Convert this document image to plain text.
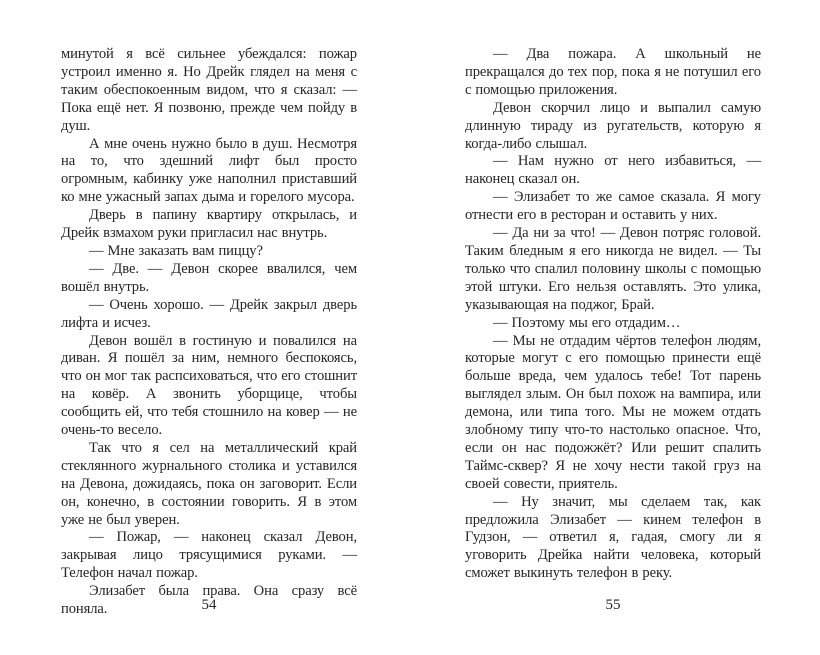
минутой я всё сильнее убеждался: пожар устроил именно я. Но Дрейк глядел на меня с таким обеспокоенным видом, что я сказал: — Пока ещё нет. Я позвоню, прежде чем пойду в душ.

А мне очень нужно было в душ. Несмотря на то, что здешний лифт был просто огромным, кабинку уже наполнил приставший ко мне ужасный запах дыма и горелого мусора.

Дверь в папину квартиру открылась, и Дрейк взмахом руки пригласил нас внутрь.

— Мне заказать вам пиццу?

— Две. — Девон скорее ввалился, чем вошёл внутрь.

— Очень хорошо. — Дрейк закрыл дверь лифта и исчез.

Девон вошёл в гостиную и повалился на диван. Я пошёл за ним, немного беспокоясь, что он мог так распсиховаться, что его стошнит на ковёр. А звонить уборщице, чтобы сообщить ей, что тебя стошнило на ковер — не очень-то весело.

Так что я сел на металлический край стеклянного журнального столика и уставился на Девона, дожидаясь, пока он заговорит. Если он, конечно, в состоянии говорить. Я в этом уже не был уверен.

— Пожар, — наконец сказал Девон, закрывая лицо трясущимися руками. — Телефон начал пожар.

Элизабет была права. Она сразу всё поняла.

— Два пожара. А школьный не прекращался до тех пор, пока я не потушил его с помощью приложения.

Девон скорчил лицо и выпалил самую длинную тираду из ругательств, которую я когда-либо слышал.

— Нам нужно от него избавиться, — наконец сказал он.

— Элизабет то же самое сказала. Я могу отнести его в ресторан и оставить у них.

— Да ни за что! — Девон потряс головой. Таким бледным я его никогда не видел. — Ты только что спалил половину школы с помощью этой штуки. Его нельзя оставлять. Это улика, указывающая на поджог, Брай.

— Поэтому мы его отдадим…

— Мы не отдадим чёртов телефон людям, которые могут с его помощью принести ещё больше вреда, чем удалось тебе! Тот парень выглядел злым. Он был похож на вампира, или демона, или типа того. Мы не можем отдать злобному типу что-то настолько опасное. Что, если он нас подожжёт? Или решит спалить Таймс-сквер? Я не хочу нести такой груз на своей совести, приятель.

— Ну значит, мы сделаем так, как предложила Элизабет — кинем телефон в Гудзон, — ответил я, гадая, смогу ли я уговорить Дрейка найти человека, который сможет выкинуть телефон в реку.

54	55
